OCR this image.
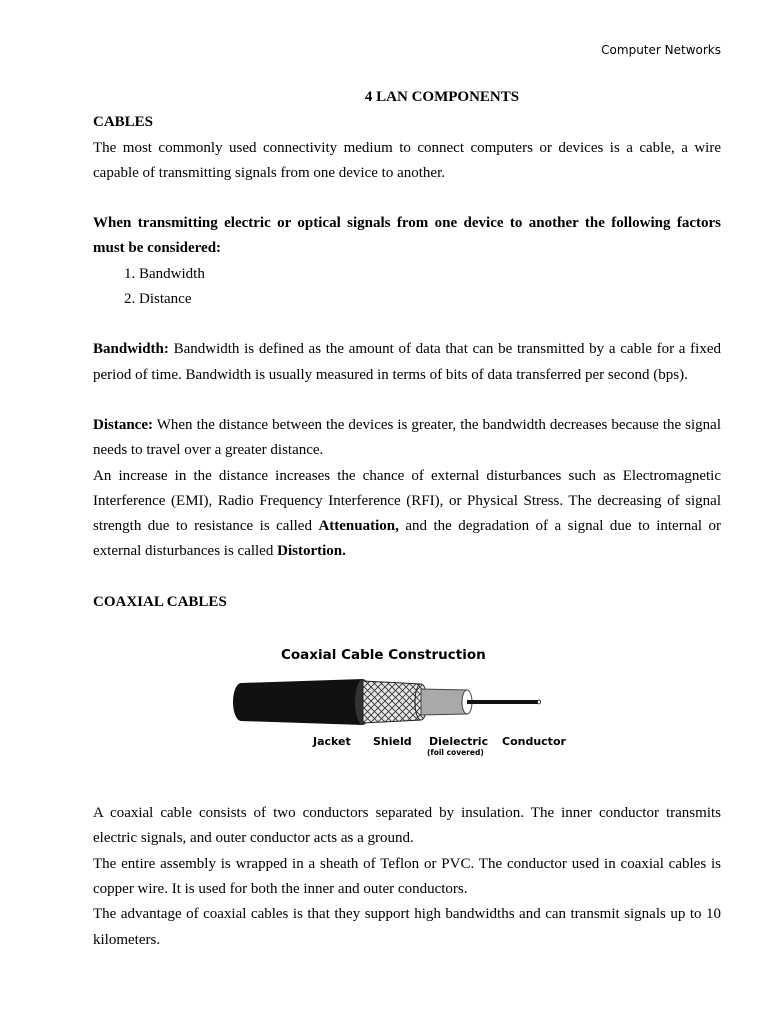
Computer Networks
4 LAN COMPONENTS
CABLES

The most commonly used connectivity medium to connect computers or devices is a cable, a wire capable of transmitting signals from one device to another.

When transmitting electric or optical signals from one device to another the following factors must be considered:

1. Bandwidth
2. Distance

Bandwidth: Bandwidth is defined as the amount of data that can be transmitted by a cable for a fixed period of time. Bandwidth is usually measured in terms of bits of data transferred per second (bps).

Distance: When the distance between the devices is greater, the bandwidth decreases because the signal needs to travel over a greater distance.

An increase in the distance increases the chance of external disturbances such as Electromagnetic Interference (EMI), Radio Frequency Interference (RFI), or Physical Stress. The decreasing of signal strength due to resistance is called Attenuation, and the degradation of a signal due to internal or external disturbances is called Distortion.

COAXIAL CABLES
Coaxial Cable Construction
Jacket Shield Dielectric
(foil covered)
Conductor

A coaxial cable consists of two conductors separated by insulation. The inner conductor transmits electric signals, and outer conductor acts as a ground.

The entire assembly is wrapped in a sheath of Teflon or PVC. The conductor used in coaxial cables is copper wire. It is used for both the inner and outer conductors.

The advantage of coaxial cables is that they support high bandwidths and can transmit signals up to 10 kilometers.
